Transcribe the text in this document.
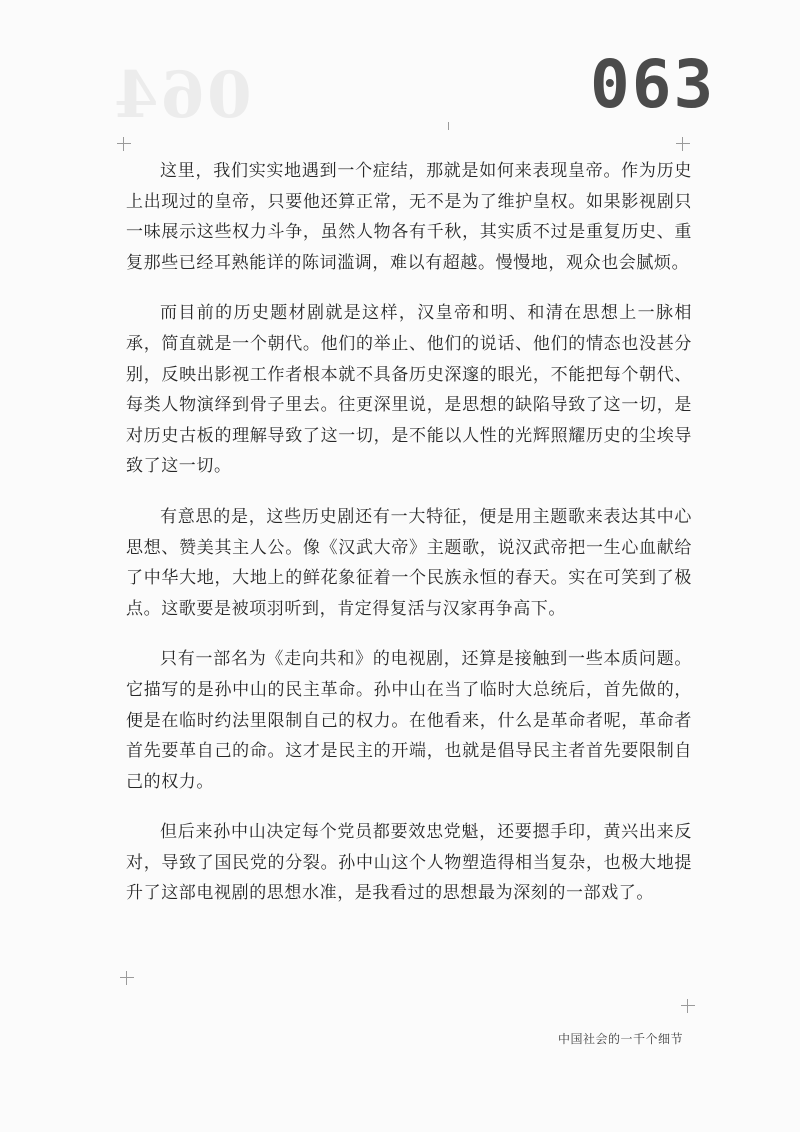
064	063

这里，我们实实地遇到一个症结，那就是如何来表现皇帝。作为历史上出现过的皇帝，只要他还算正常，无不是为了维护皇权。如果影视剧只一味展示这些权力斗争，虽然人物各有千秋，其实质不过是重复历史、重复那些已经耳熟能详的陈词滥调，难以有超越。慢慢地，观众也会腻烦。

而目前的历史题材剧就是这样，汉皇帝和明、和清在思想上一脉相承，简直就是一个朝代。他们的举止、他们的说话、他们的情态也没甚分别，反映出影视工作者根本就不具备历史深邃的眼光，不能把每个朝代、每类人物演绎到骨子里去。往更深里说，是思想的缺陷导致了这一切，是对历史古板的理解导致了这一切，是不能以人性的光辉照耀历史的尘埃导致了这一切。

有意思的是，这些历史剧还有一大特征，便是用主题歌来表达其中心思想、赞美其主人公。像《汉武大帝》主题歌，说汉武帝把一生心血献给了中华大地，大地上的鲜花象征着一个民族永恒的春天。实在可笑到了极点。这歌要是被项羽听到，肯定得复活与汉家再争高下。

只有一部名为《走向共和》的电视剧，还算是接触到一些本质问题。它描写的是孙中山的民主革命。孙中山在当了临时大总统后，首先做的，便是在临时约法里限制自己的权力。在他看来，什么是革命者呢，革命者首先要革自己的命。这才是民主的开端，也就是倡导民主者首先要限制自己的权力。

但后来孙中山决定每个党员都要效忠党魁，还要摁手印，黄兴出来反对，导致了国民党的分裂。孙中山这个人物塑造得相当复杂，也极大地提升了这部电视剧的思想水准，是我看过的思想最为深刻的一部戏了。

中国社会的一千个细节
